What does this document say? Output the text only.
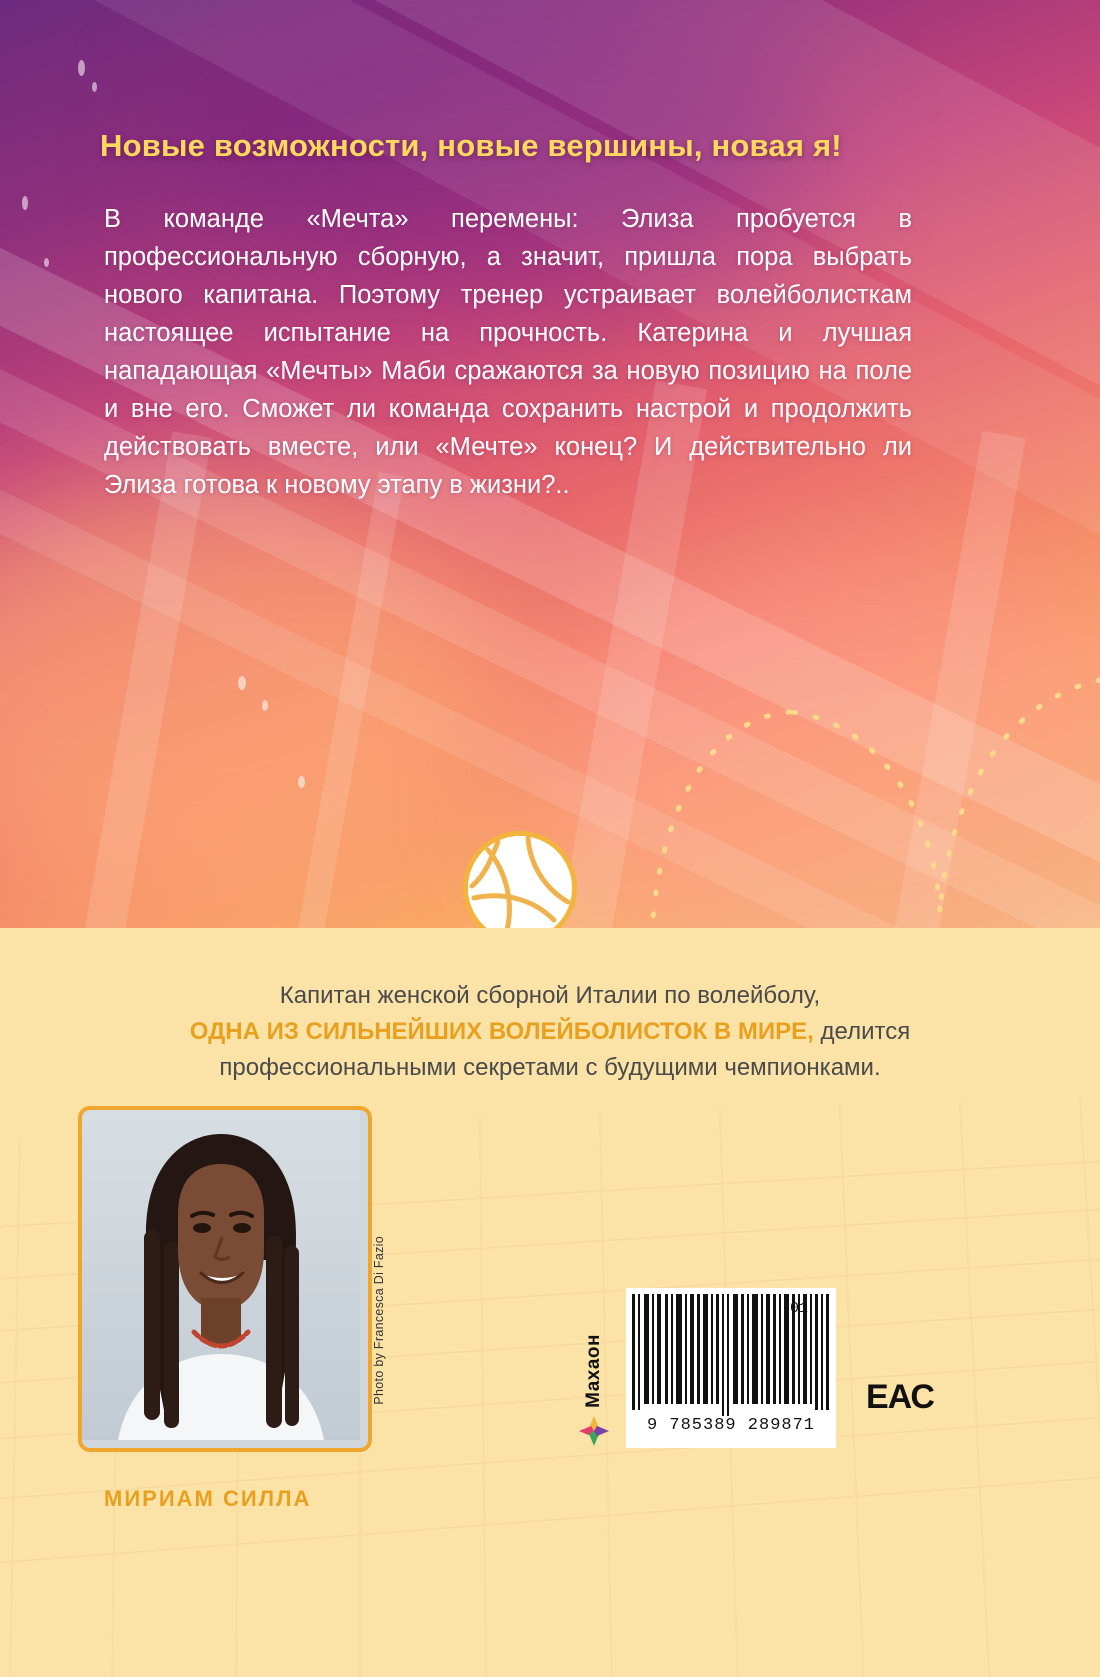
Новые возможности, новые вершины, новая я!
В команде «Мечта» перемены: Элиза пробуется в профессиональную сборную, а значит, пришла пора выбрать нового капитана. Поэтому тренер устраивает волейболисткам настоящее испытание на прочность. Катерина и лучшая нападающая «Мечты» Маби сражаются за новую позицию на поле и вне его. Сможет ли команда сохранить настрой и продолжить действовать вместе, или «Мечте» конец? И действительно ли Элиза готова к новому этапу в жизни?..
Капитан женской сборной Италии по волейболу,
ОДНА ИЗ СИЛЬНЕЙШИХ ВОЛЕЙБОЛИСТОК В МИРЕ, делится
профессиональными секретами с будущими чемпионками.
Photo by Francesca Di Fazio
МИРИАМ СИЛЛА
Махаон
9 785389 289871
01
ЕАС
